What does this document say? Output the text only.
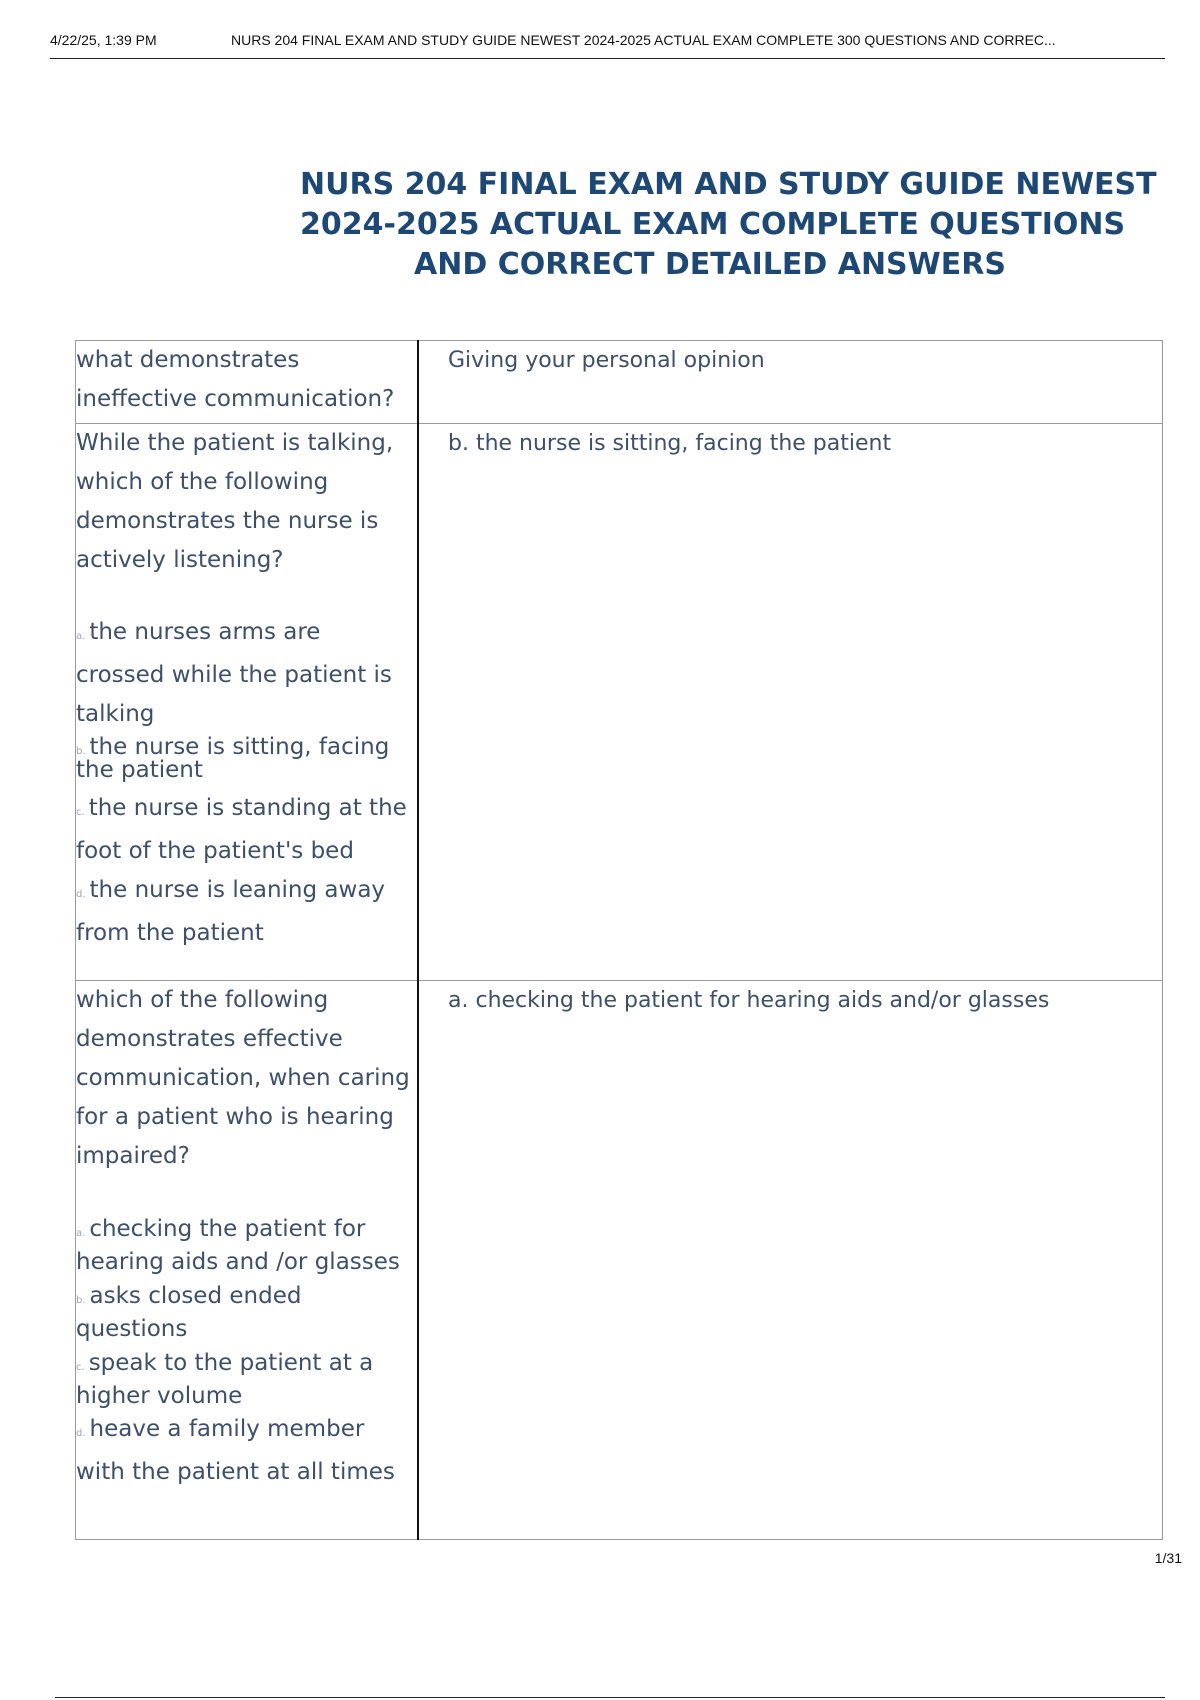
4/22/25, 1:39 PM	NURS 204 FINAL EXAM AND STUDY GUIDE NEWEST 2024-2025 ACTUAL EXAM COMPLETE 300 QUESTIONS AND CORREC...
NURS 204 FINAL EXAM AND STUDY GUIDE NEWEST
2024-2025 ACTUAL EXAM COMPLETE QUESTIONS
AND CORRECT DETAILED ANSWERS
what demonstrates ineffective communication?	Giving your personal opinion

While the patient is talking, which of the following demonstrates the nurse is actively listening?
a. the nurses arms are crossed while the patient is talking
b. the nurse is sitting, facing the patient
c. the nurse is standing at the foot of the patient's bed
d. the nurse is leaning away from the patient	b. the nurse is sitting, facing the patient

which of the following demonstrates effective communication, when caring for a patient who is hearing impaired?
a. checking the patient for hearing aids and /or glasses
b. asks closed ended questions
c. speak to the patient at a higher volume
d. heave a family member with the patient at all times	a. checking the patient for hearing aids and/or glasses
1/31
